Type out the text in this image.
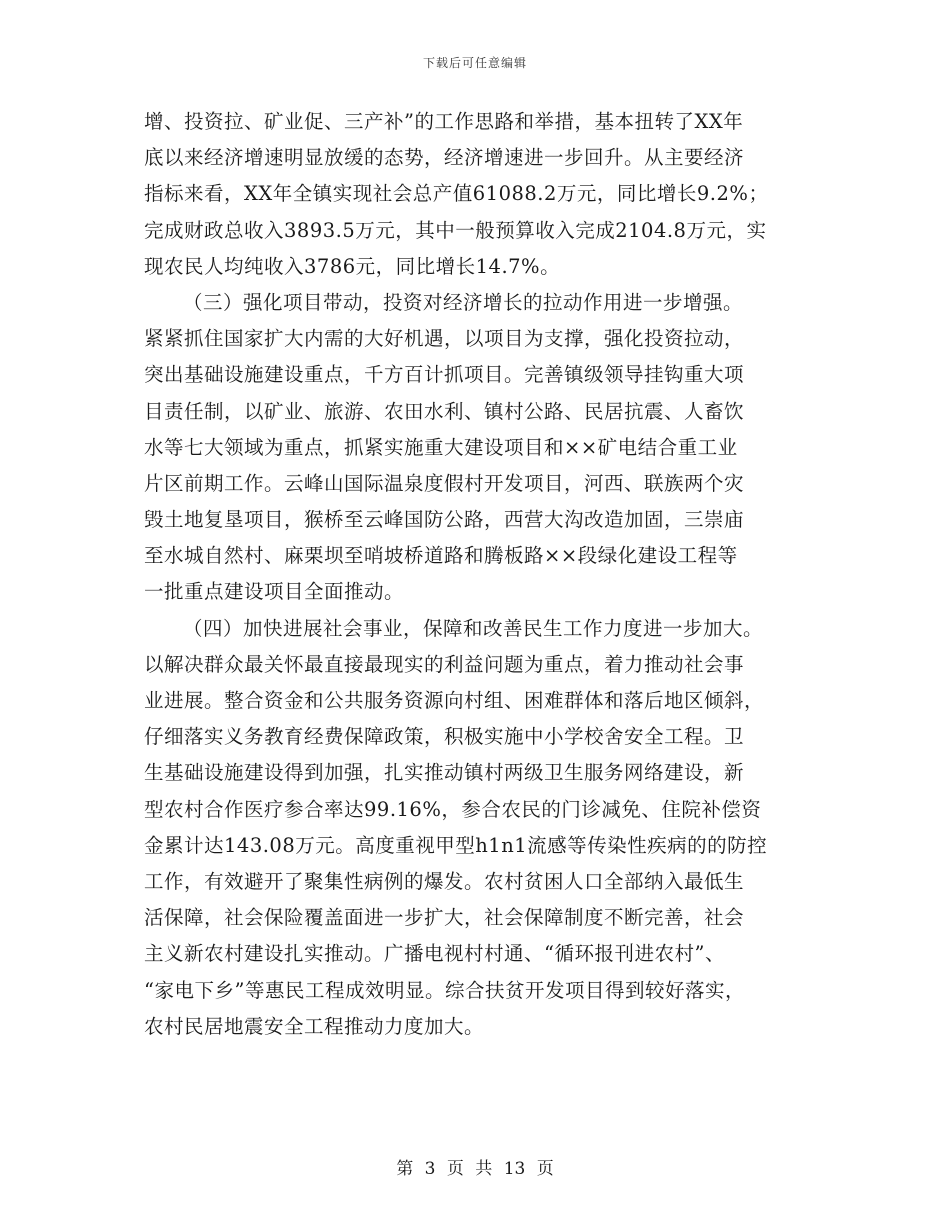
下载后可任意编辑
增、投资拉、矿业促、三产补”的工作思路和举措，基本扭转了XX年
底以来经济增速明显放缓的态势，经济增速进一步回升。从主要经济
指标来看，XX年全镇实现社会总产值61088.2万元，同比增长9.2%；
完成财政总收入3893.5万元，其中一般预算收入完成2104.8万元，实
现农民人均纯收入3786元，同比增长14.7%。
（三）强化项目带动，投资对经济增长的拉动作用进一步增强。
紧紧抓住国家扩大内需的大好机遇，以项目为支撑，强化投资拉动，
突出基础设施建设重点，千方百计抓项目。完善镇级领导挂钩重大项
目责任制，以矿业、旅游、农田水利、镇村公路、民居抗震、人畜饮
水等七大领域为重点，抓紧实施重大建设项目和××矿电结合重工业
片区前期工作。云峰山国际温泉度假村开发项目，河西、联族两个灾
毁土地复垦项目，猴桥至云峰国防公路，西营大沟改造加固，三崇庙
至水城自然村、麻栗坝至哨坡桥道路和腾板路××段绿化建设工程等
一批重点建设项目全面推动。
（四）加快进展社会事业，保障和改善民生工作力度进一步加大。
以解决群众最关怀最直接最现实的利益问题为重点，着力推动社会事
业进展。整合资金和公共服务资源向村组、困难群体和落后地区倾斜，
仔细落实义务教育经费保障政策，积极实施中小学校舍安全工程。卫
生基础设施建设得到加强，扎实推动镇村两级卫生服务网络建设，新
型农村合作医疗参合率达99.16%，参合农民的门诊减免、住院补偿资
金累计达143.08万元。高度重视甲型h1n1流感等传染性疾病的的防控
工作，有效避开了聚集性病例的爆发。农村贫困人口全部纳入最低生
活保障，社会保险覆盖面进一步扩大，社会保障制度不断完善，社会
主义新农村建设扎实推动。广播电视村村通、“循环报刊进农村”、
“家电下乡”等惠民工程成效明显。综合扶贫开发项目得到较好落实，
农村民居地震安全工程推动力度加大。
第 3 页 共 13 页
